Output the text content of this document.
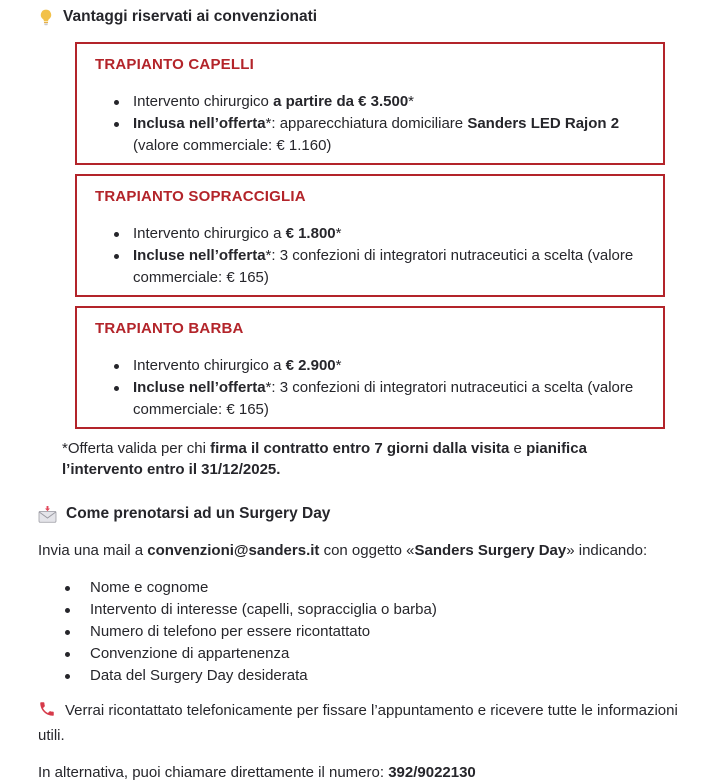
Vantaggi riservati ai convenzionati
TRAPIANTO CAPELLI
Intervento chirurgico a partire da € 3.500*
Inclusa nell’offerta*: apparecchiatura domiciliare Sanders LED Rajon 2 (valore commerciale: € 1.160)
TRAPIANTO SOPRACCIGLIA
Intervento chirurgico a € 1.800*
Incluse nell’offerta*: 3 confezioni di integratori nutraceutici a scelta (valore commerciale: € 165)
TRAPIANTO BARBA
Intervento chirurgico a € 2.900*
Incluse nell’offerta*: 3 confezioni di integratori nutraceutici a scelta (valore commerciale: € 165)

*Offerta valida per chi firma il contratto entro 7 giorni dalla visita e pianifica l’intervento entro il 31/12/2025.

Come prenotarsi ad un Surgery Day

Invia una mail a convenzioni@sanders.it con oggetto «Sanders Surgery Day» indicando:

Nome e cognome
Intervento di interesse (capelli, sopracciglia o barba)
Numero di telefono per essere ricontattato
Convenzione di appartenenza
Data del Surgery Day desiderata

Verrai ricontattato telefonicamente per fissare l’appuntamento e ricevere tutte le informazioni utili.

In alternativa, puoi chiamare direttamente il numero: 392/9022130
